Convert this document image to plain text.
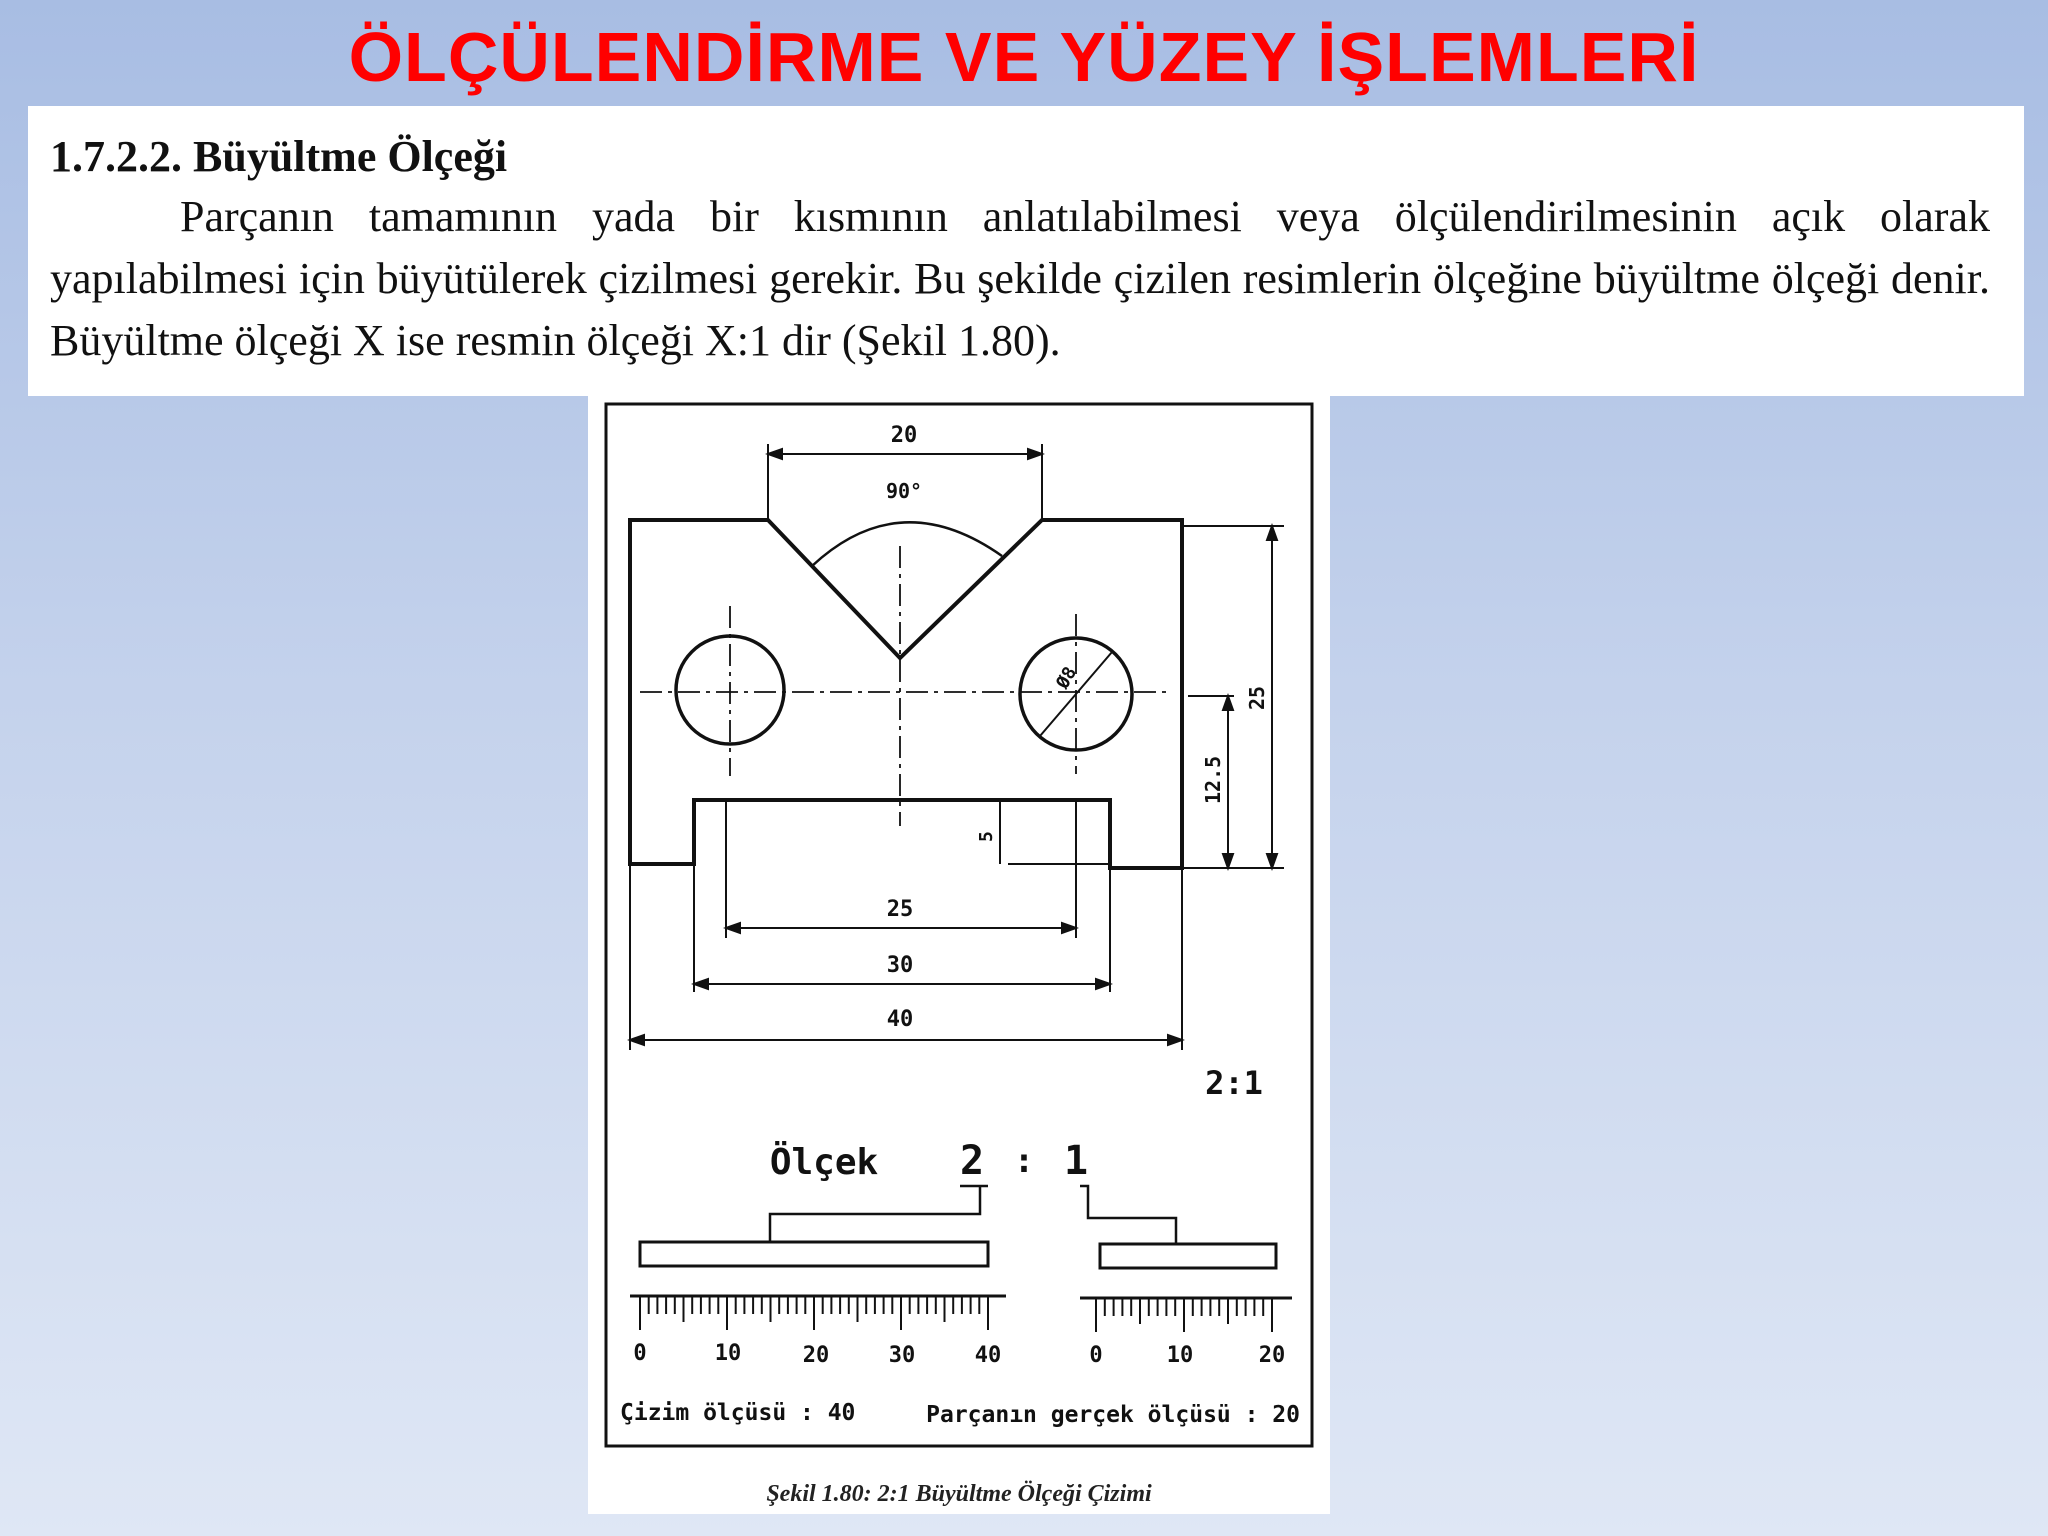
ÖLÇÜLENDİRME VE YÜZEY İŞLEMLERİ

1.7.2.2. Büyültme Ölçeği

Parçanın tamamının yada bir kısmının anlatılabilmesi veya ölçülendirilmesinin açık olarak yapılabilmesi için büyütülerek çizilmesi gerekir. Bu şekilde çizilen resimlerin ölçeğine büyültme ölçeği denir. Büyültme ölçeği X ise resmin ölçeği X:1 dir (Şekil 1.80).

20
90°
Ø8
25
12.5
5
25
30
40
2:1
Ölçek 2 : 1
0	10	20	30	40	0	10	20
Çizim ölçüsü : 40	Parçanın gerçek ölçüsü : 20
Şekil 1.80: 2:1 Büyültme Ölçeği Çizimi
